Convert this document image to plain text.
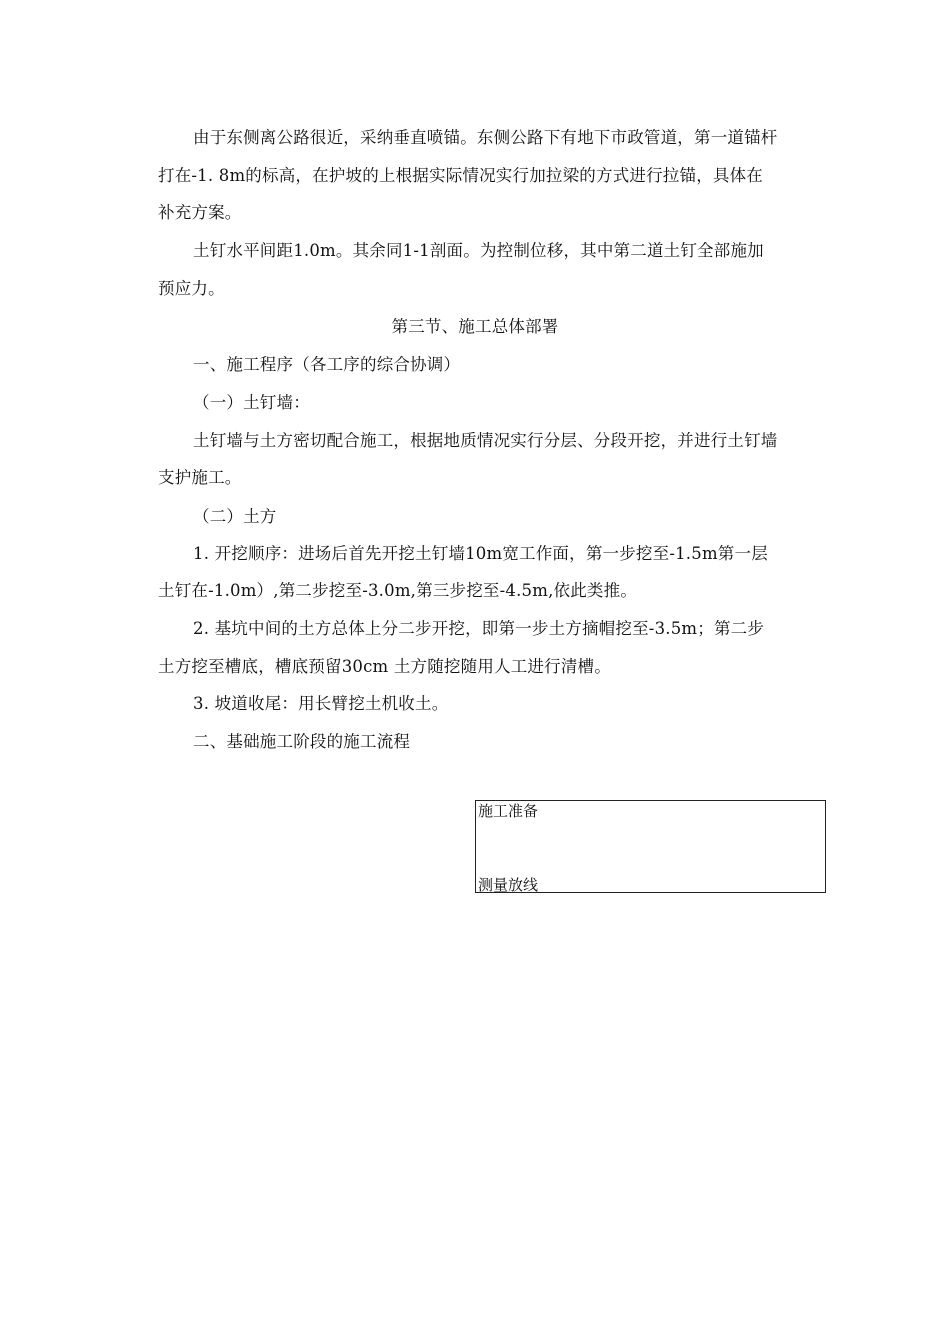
由于东侧离公路很近，采纳垂直喷锚。东侧公路下有地下市政管道，第一道锚杆
打在-1. 8m的标高，在护坡的上根据实际情况实行加拉梁的方式进行拉锚，具体在
补充方案。
土钉水平间距1.0m。其余同1-1剖面。为控制位移，其中第二道土钉全部施加
预应力。
第三节、施工总体部署
一、施工程序（各工序的综合协调）
（一）土钉墙：
土钉墙与土方密切配合施工，根据地质情况实行分层、分段开挖，并进行土钉墙
支护施工。
（二）土方
1. 开挖顺序：进场后首先开挖土钉墙10m宽工作面，第一步挖至-1.5m第一层
土钉在-1.0m）,第二步挖至-3.0m,第三步挖至-4.5m,依此类推。
2. 基坑中间的土方总体上分二步开挖，即第一步土方摘帽挖至-3.5m；第二步
土方挖至槽底，槽底预留30cm 土方随挖随用人工进行清槽。
3. 坡道收尾：用长臂挖土机收土。
二、基础施工阶段的施工流程
施工准备
测量放线
